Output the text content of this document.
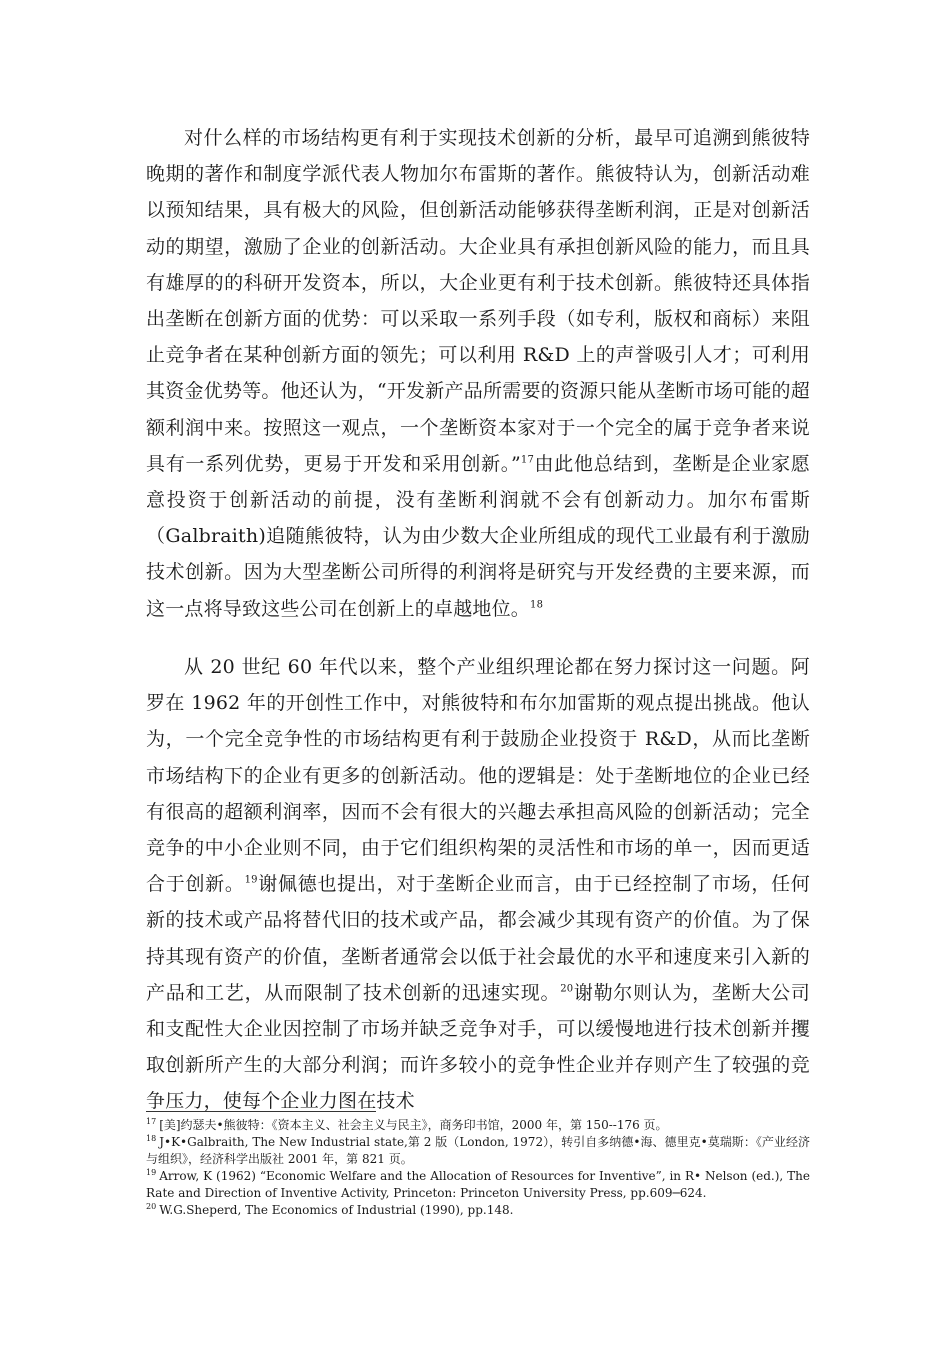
对什么样的市场结构更有利于实现技术创新的分析，最早可追溯到熊彼特晚期的著作和制度学派代表人物加尔布雷斯的著作。熊彼特认为，创新活动难以预知结果，具有极大的风险，但创新活动能够获得垄断利润，正是对创新活动的期望，激励了企业的创新活动。大企业具有承担创新风险的能力，而且具有雄厚的的科研开发资本，所以，大企业更有利于技术创新。熊彼特还具体指出垄断在创新方面的优势：可以采取一系列手段（如专利，版权和商标）来阻止竞争者在某种创新方面的领先；可以利用 R&D 上的声誉吸引人才；可利用其资金优势等。他还认为，“开发新产品所需要的资源只能从垄断市场可能的超额利润中来。按照这一观点，一个垄断资本家对于一个完全的属于竞争者来说具有一系列优势，更易于开发和采用创新。”$^{17}$由此他总结到，垄断是企业家愿意投资于创新活动的前提，没有垄断利润就不会有创新动力。加尔布雷斯（Galbraith)追随熊彼特，认为由少数大企业所组成的现代工业最有利于激励技术创新。因为大型垄断公司所得的利润将是研究与开发经费的主要来源，而这一点将导致这些公司在创新上的卓越地位。$^{18}$

从 20 世纪 60 年代以来，整个产业组织理论都在努力探讨这一问题。阿罗在 1962 年的开创性工作中，对熊彼特和布尔加雷斯的观点提出挑战。他认为，一个完全竞争性的市场结构更有利于鼓励企业投资于 R&D，从而比垄断市场结构下的企业有更多的创新活动。他的逻辑是：处于垄断地位的企业已经有很高的超额利润率，因而不会有很大的兴趣去承担高风险的创新活动；完全竞争的中小企业则不同，由于它们组织构架的灵活性和市场的单一，因而更适合于创新。$^{19}$谢佩德也提出，对于垄断企业而言，由于已经控制了市场，任何新的技术或产品将替代旧的技术或产品，都会减少其现有资产的价值。为了保持其现有资产的价值，垄断者通常会以低于社会最优的水平和速度来引入新的产品和工艺，从而限制了技术创新的迅速实现。$^{20}$谢勒尔则认为，垄断大公司和支配性大企业因控制了市场并缺乏竞争对手，可以缓慢地进行技术创新并攫取创新所产生的大部分利润；而许多较小的竞争性企业并存则产生了较强的竞争压力，使每个企业力图在技术

$^{17}$ [美]约瑟夫•熊彼特：《资本主义、社会主义与民主》，商务印书馆，2000 年，第 150--176 页。

$^{18}$ J•K•Galbraith, The New Industrial state,第 2 版（London, 1972），转引自多纳德•海、德里克•莫瑞斯：《产业经济与组织》，经济科学出版社 2001 年，第 821 页。

$^{19}$ Arrow, K (1962) “Economic Welfare and the Allocation of Resources for Inventive”, in R• Nelson (ed.), The Rate and Direction of Inventive Activity, Princeton: Princeton University Press, pp.609─624.

$^{20}$ W.G.Sheperd, The Economics of Industrial (1990), pp.148.
